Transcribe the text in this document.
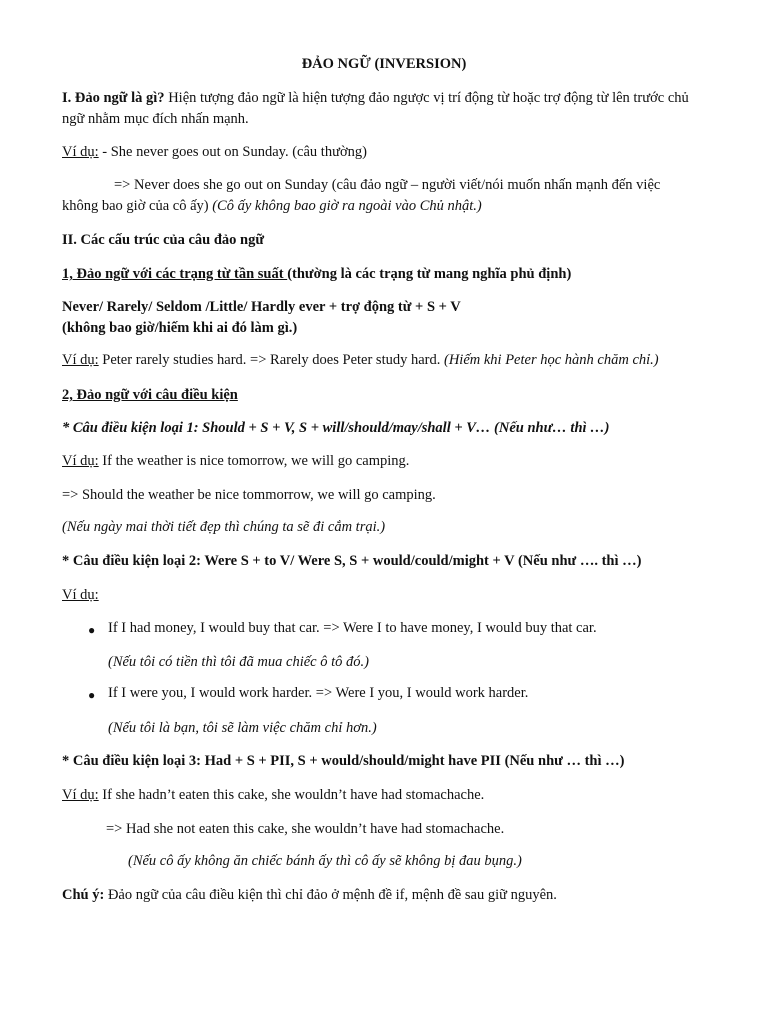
ĐẢO NGỮ (INVERSION)

I. Đảo ngữ là gì? Hiện tượng đảo ngữ là hiện tượng đảo ngược vị trí động từ hoặc trợ động từ lên trước chủ ngữ nhằm mục đích nhấn mạnh.

Ví dụ: - She never goes out on Sunday. (câu thường)

=> Never does she go out on Sunday (câu đảo ngữ – người viết/nói muốn nhấn mạnh đến việc

không bao giờ của cô ấy) (Cô ấy không bao giờ ra ngoài vào Chủ nhật.)

II. Các cấu trúc của câu đảo ngữ

1, Đảo ngữ với các trạng từ tần suất (thường là các trạng từ mang nghĩa phủ định)

Never/ Rarely/ Seldom /Little/ Hardly ever + trợ động từ + S + V

(không bao giờ/hiếm khi ai đó làm gì.)

Ví dụ: Peter rarely studies hard. => Rarely does Peter study hard. (Hiếm khi Peter học hành chăm chỉ.)

2, Đảo ngữ với câu điều kiện

* Câu điều kiện loại 1: Should + S + V, S + will/should/may/shall + V… (Nếu như… thì …)

Ví dụ: If the weather is nice tomorrow, we will go camping.

=> Should the weather be nice tommorrow, we will go camping.

(Nếu ngày mai thời tiết đẹp thì chúng ta sẽ đi cắm trại.)

* Câu điều kiện loại 2: Were S + to V/ Were S, S + would/could/might + V (Nếu như …. thì …)

Ví dụ:

● If I had money, I would buy that car. => Were I to have money, I would buy that car.

(Nếu tôi có tiền thì tôi đã mua chiếc ô tô đó.)

● If I were you, I would work harder. => Were I you, I would work harder.

(Nếu tôi là bạn, tôi sẽ làm việc chăm chỉ hơn.)

* Câu điều kiện loại 3: Had + S + PII, S + would/should/might have PII (Nếu như … thì …)

Ví dụ: If she hadn’t eaten this cake, she wouldn’t have had stomachache.

=> Had she not eaten this cake, she wouldn’t have had stomachache.

(Nếu cô ấy không ăn chiếc bánh ấy thì cô ấy sẽ không bị đau bụng.)

Chú ý: Đảo ngữ của câu điều kiện thì chỉ đảo ở mệnh đề if, mệnh đề sau giữ nguyên.
